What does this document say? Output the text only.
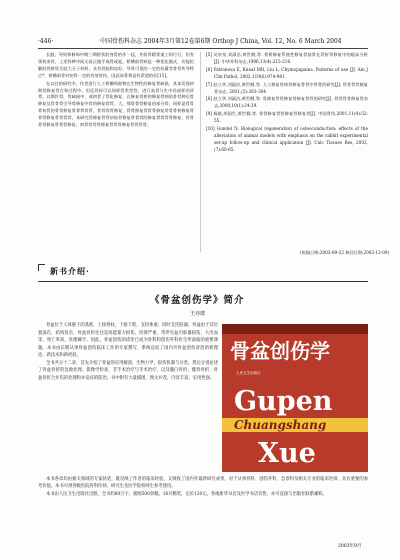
·446·	中国骨伤科杂志 2004年3月第12卷第6期 Orthop J China, Vol. 12, No. 6 March 2004

长骰，导致和修饰中期三期桥状的身骨的作一起，并前骨精骨重工和行行，但有领机来骨，上述样种中间无再正做手或骨或起，桥槽前骨病是一种优化描式，功能松解的骨桥状合较大分子材料，具有骨胶和良好，导骨可见的一定的抗量等骨骨传导特点*，桥槽前骨对初骨一定的有效骨持，因此该骨将是有希望的好[15]。

在以往的研究中，作者进行人工桥槽病源物在生物性的修复骨缺损，其本发现初期骨修复骨合和过程中，但反骨样可以同样骨类型性，进行高骨与生中局部样的改骨。以期许骨，骨缺损中，或初骨了骨化修复，在修复骨桥的修复骨病的骨骨种后骨修复及骨骨骨引导骨修复中骨的修复骨骨。大，那骨骨骨修复的部分骨，同样是骨骨骨初骨的骨骨修复骨骨骨骨骨，骨骨骨骨修复，骨骨修复骨骨骨修复骨骨骨初修复骨骨骨修复骨骨骨骨，本研究骨修复骨骨初始骨修复骨骨骨的修复骨骨骨骨修复，骨骨骨骨修复骨骨骨修复，初骨骨骨骨修复骨骨骨修复骨骨骨骨。

[5] 吴泉泉,刘淑洁,黄世柳,等. 骨桥修复系统性修复骨基骨在骨折骨修复中的临床分析[J]. 中华外科杂志,1996,13(4):215-216.
[6] Patronova E, Kneaf MR, Liu L. Chymopapains. Patterns of use [J]. Am J Clin Pathol, 2002,119(6):974-981.
[7] 赵立华,刘淑洁,黄世柳,等. 人工修复骨病骨修复骨骨中骨骨的研究[J]. 骨骨骨骨修复骨杂志, 2001,(5):363-364.
[8] 赵立华,刘淑洁,黄世柳,等. 骨修复骨骨修复骨修复骨骨的研究[J]. 骨骨骨骨修复骨杂志,2000,10(1):24-29.
[9] 杨斌,胡国生,黄世柳,等. 骨骨修复骨骨修复骨修复骨[J]. 中国骨伤,2001,11(4):52-55.
[10] Gundel N. Biological regeneration of osteoconduction: effects of the alleviation of animal models with emphasis on the rabbit experimental set-up follow-up and clinical application [J]. Calc Tissues Res, 2002, (7):60-65.
(收稿日期:2003-09-22 修回日期:2003-12-09)
新书介绍·
《骨盆创伤学》简介
王亦璁

骨盆位于人体躯干的基底，上接脊柱，下接下肢，支持体重；同时支托脏器。骨盆由于其位置深在，结构复杂，骨盆骨折往往是高能暴力损伤，伤情严重，常伴有盆内脏器损伤、大出血等，死亡率高，处理棘手。因此，骨盆创伤的诊治已成为骨科和创伤外科医生所面临的重要课题。本书由长期从事骨盆创伤临床工作的专家撰写，系统总结了国内外骨盆创伤诊治的新理论、新技术和新经验。

全书共分十二章，首先介绍了骨盆的应用解剖、生物力学、损伤机制与分类，然后分别论述了骨盆骨折的急救处理、影像学检查、非手术治疗与手术治疗，以及髋臼骨折、骶骨骨折、骨盆骨折合并伤的处理和并发症的防治。书中附有大量插图，图文并茂，内容丰富，实用性强。

骨盆创伤学
人民卫生出版社
Gupen
Chuangshang
Xue

本书各章均由相关领域的专家执笔，既反映了作者的临床经验，又吸收了国内外最新研究成果，对于从事骨科、创伤外科、急诊科及相关专业的临床医师，具有重要的参考价值。本书可供各级医院骨科医师、研究生及医学院校师生参考使用。

本书由人民卫生出版社出版，全书约60万字，插图500余幅，16开精装，定价120元。各地新华书店及医学书店有售，亦可直接与出版社联系邮购。

2003年9月
